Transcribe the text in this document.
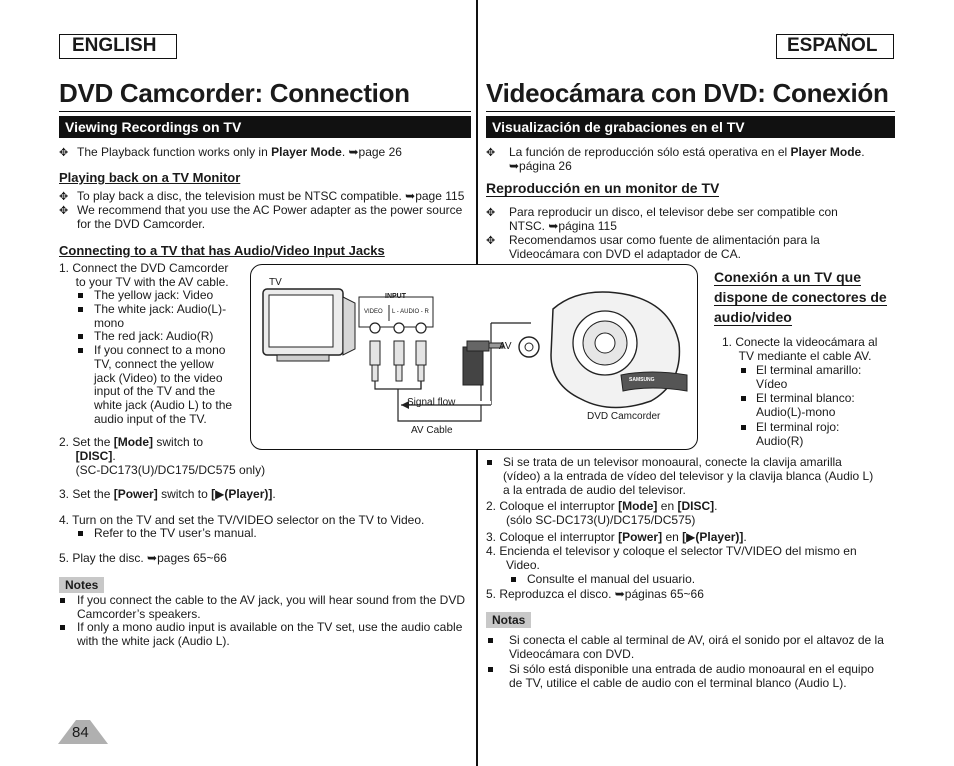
ENGLISH
DVD Camcorder: Connection
Viewing Recordings on TV
✥ The Playback function works only in Player Mode. ➥page 26
Playing back on a TV Monitor
✥ To play back a disc, the television must be NTSC compatible. ➥page 115
✥ We recommend that you use the AC Power adapter as the power source
for the DVD Camcorder.
Connecting to a TV that has Audio/Video Input Jacks
1. Connect the DVD Camcorder
to your TV with the AV cable.
The yellow jack: Video
The white jack: Audio(L)-
mono
The red jack: Audio(R)
If you connect to a mono
TV, connect the yellow
jack (Video) to the video
input of the TV and the
white jack (Audio L) to the
audio input of the TV.
2. Set the [Mode] switch to
[DISC].
(SC-DC173(U)/DC175/DC575 only)
3. Set the [Power] switch to [▶(Player)].
4. Turn on the TV and set the TV/VIDEO selector on the TV to Video.
Refer to the TV user’s manual.
5. Play the disc. ➥pages 65~66
Notes
If you connect the cable to the AV jack, you will hear sound from the DVD
Camcorder’s speakers.
If only a mono audio input is available on the TV set, use the audio cable
with the white jack (Audio L).
84
ESPAÑOL
Videocámara con DVD: Conexión
Visualización de grabaciones en el TV
✥ La función de reproducción sólo está operativa en el Player Mode.
➥página 26
Reproducción en un monitor de TV
✥ Para reproducir un disco, el televisor debe ser compatible con
NTSC. ➥página 115
✥ Recomendamos usar como fuente de alimentación para la
Videocámara con DVD el adaptador de CA.
Conexión a un TV que
dispone de conectores de
audio/video
1. Conecte la videocámara al
TV mediante el cable AV.
El terminal amarillo:
Vídeo
El terminal blanco:
Audio(L)-mono
El terminal rojo:
Audio(R)
Si se trata de un televisor monoaural, conecte la clavija amarilla
(vídeo) a la entrada de vídeo del televisor y la clavija blanca (Audio L)
a la entrada de audio del televisor.
2. Coloque el interruptor [Mode] en [DISC].
(sólo SC-DC173(U)/DC175/DC575)
3. Coloque el interruptor [Power] en [▶(Player)].
4. Encienda el televisor y coloque el selector TV/VIDEO del mismo en
Video.
Consulte el manual del usuario.
5. Reproduzca el disco. ➥páginas 65~66
Notas
Si conecta el cable al terminal de AV, oirá el sonido por el altavoz de la
Videocámara con DVD.
Si sólo está disponible una entrada de audio monoaural en el equipo
de TV, utilice el cable de audio con el terminal blanco (Audio L).
TV
INPUT
VIDEO L - AUDIO - R
AV
SAMSUNG
Signal flow
AV Cable
DVD Camcorder
